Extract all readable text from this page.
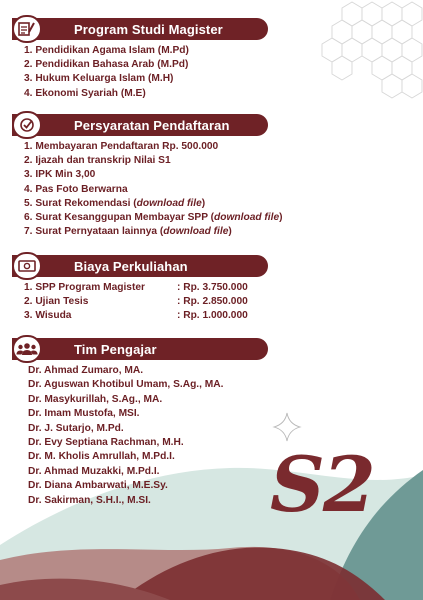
Program Studi Magister
1. Pendidikan Agama Islam (M.Pd)
2. Pendidikan Bahasa Arab (M.Pd)
3. Hukum Keluarga Islam (M.H)
4. Ekonomi Syariah (M.E)
Persyaratan Pendaftaran
1. Membayaran Pendaftaran Rp. 500.000
2. Ijazah dan transkrip Nilai S1
3. IPK Min 3,00
4. Pas Foto Berwarna
5. Surat Rekomendasi (download file)
6. Surat Kesanggupan Membayar SPP (download file)
7. Surat Pernyataan lainnya (download file)
Biaya Perkuliahan
1. SPP Program Magister	: Rp. 3.750.000
2. Ujian Tesis	: Rp. 2.850.000
3. Wisuda	: Rp. 1.000.000
Tim Pengajar
Dr. Ahmad Zumaro, MA.
Dr. Aguswan Khotibul Umam, S.Ag., MA.
Dr. Masykurillah, S.Ag., MA.
Dr. Imam Mustofa, MSI.
Dr. J. Sutarjo, M.Pd.
Dr. Evy Septiana Rachman, M.H.
Dr. M. Kholis Amrullah, M.Pd.I.
Dr. Ahmad Muzakki, M.Pd.I.
Dr. Diana Ambarwati, M.E.Sy.
Dr. Sakirman, S.H.I., M.SI.	S2
